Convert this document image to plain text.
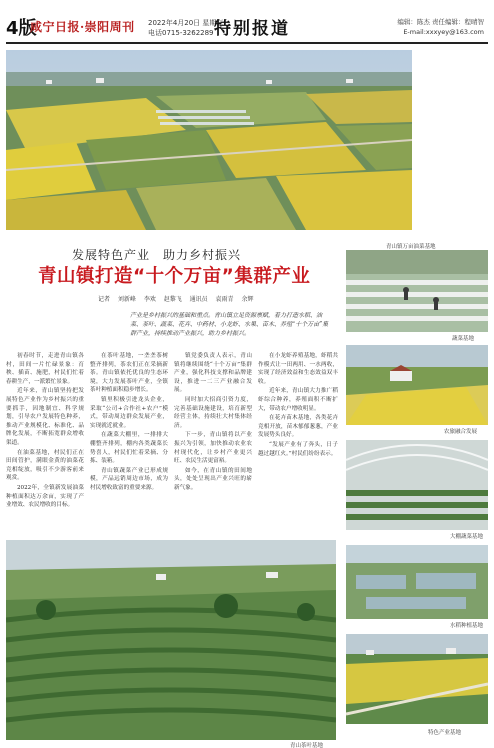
4版
咸宁日报·崇阳周刊 2022年4月20日 星期三
电话0715-3262289 特别报道	编辑：陈杰 责任编辑：程晴智
E-mail:xxxyey@163.com
青山镇万亩油菜基地
发展特色产业　助力乡村振兴
青山镇打造“十个万亩”集群产业
记者 刘新峰 李欢 赵黎飞 通讯员 袁雨青 余辉
产业是乡村振兴的基础和重点。青山镇立足资源禀赋，着力打造水稻、油菜、茶叶、蔬菜、花卉、中药材、小龙虾、水果、苗木、养殖“十个万亩”集群产业，持续推动产业振兴，助力乡村振兴。

初春时节，走进青山镇各村，田间一片忙碌景象：育秧、插苗、施肥，村民们忙着春耕生产，一派繁忙景象。

近年来，青山镇坚持把发展特色产业作为乡村振兴的重要抓手，因地制宜、科学规划，引导农户发展特色种养，推动产业规模化、标准化、品牌化发展，不断拓宽群众增收渠道。

在油菜基地，村民们正在田间管护，满眼金黄的油菜花竞相绽放，吸引不少游客前来观赏。

2022年，全镇新发展油菜种植面积达万余亩，实现了产业增效、农民增收的目标。

在茶叶基地，一垄垄茶树整齐排列，茶农们正在采摘新茶。青山镇依托优良的生态环境，大力发展茶叶产业，全镇茶叶种植面积稳步增长。

镇里积极引进龙头企业，采取“公司+合作社+农户”模式，带动周边群众发展产业，实现就近就业。

在蔬菜大棚里，一排排大棚整齐排列，棚内各类蔬菜长势喜人，村民们忙着采摘、分拣、装箱。

青山镇蔬菜产业已形成规模，产品远销周边市场，成为村民增收致富的重要来源。

镇党委负责人表示，青山镇将继续围绕“十个万亩”集群产业，强化科技支撑和品牌建设，推进一二三产业融合发展。

同时加大招商引资力度，完善基础设施建设，培育新型经营主体，持续壮大村集体经济。

下一步，青山镇将以产业振兴为引领，加快推动农业农村现代化，让乡村产业更兴旺、农民生活更富裕。

如今，在青山镇的田间地头，处处呈现出产业兴旺的崭新气象。

在小龙虾养殖基地，虾稻共作模式让一田两用、一水两收，实现了经济效益和生态效益双丰收。

近年来，青山镇大力推广稻虾综合种养，养殖面积不断扩大，带动农户增收明显。

在花卉苗木基地，各类花卉竞相开放，苗木郁郁葱葱，产业发展势头良好。

“发展产业有了奔头，日子越过越红火。”村民们纷纷表示。

蔬菜基地
农旅融合发展
大棚蔬菜基地
水稻种植基地
特色产业基地
青山茶叶基地
